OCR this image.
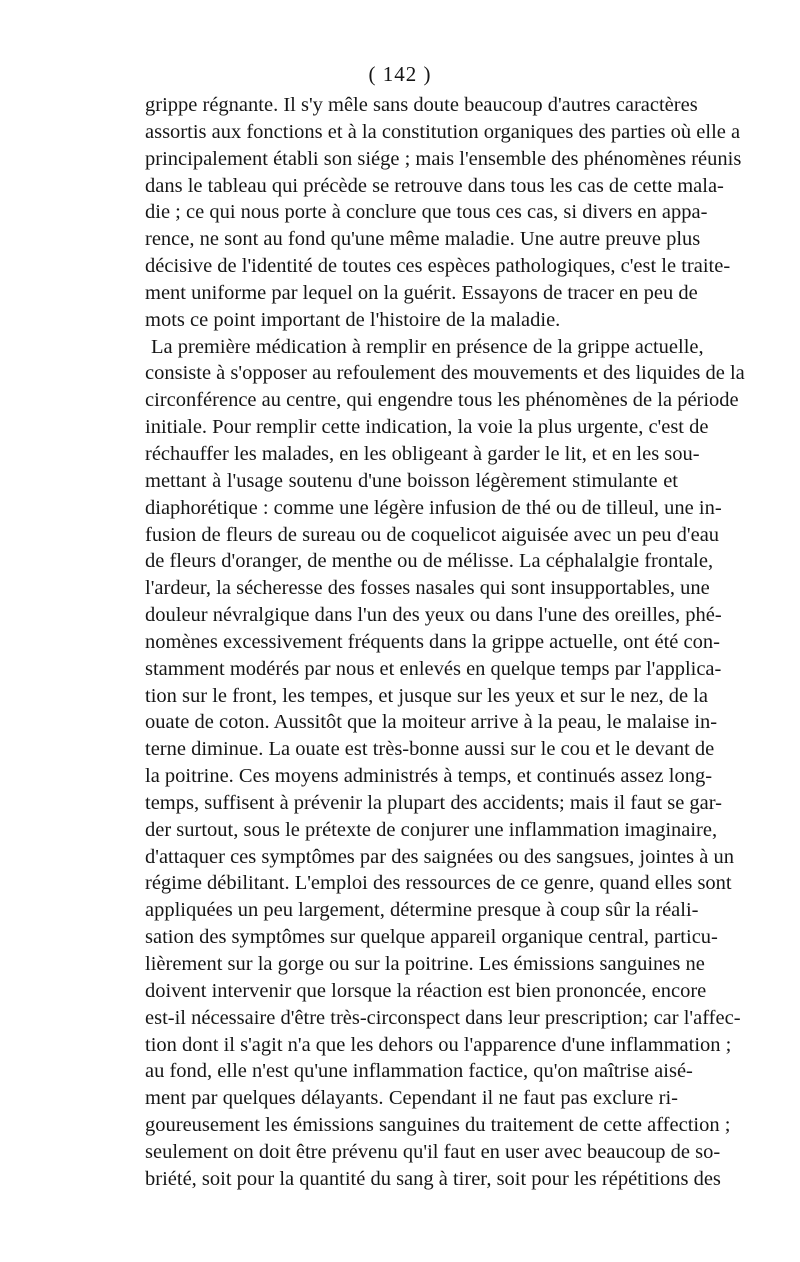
( 142 )
grippe régnante. Il s'y mêle sans doute beaucoup d'autres caractères
assortis aux fonctions et à la constitution organiques des parties où elle a
principalement établi son siége ; mais l'ensemble des phénomènes réunis
dans le tableau qui précède se retrouve dans tous les cas de cette mala-
die ; ce qui nous porte à conclure que tous ces cas, si divers en appa-
rence, ne sont au fond qu'une même maladie. Une autre preuve plus
décisive de l'identité de toutes ces espèces pathologiques, c'est le traite-
ment uniforme par lequel on la guérit. Essayons de tracer en peu de
mots ce point important de l'histoire de la maladie.
La première médication à remplir en présence de la grippe actuelle,
consiste à s'opposer au refoulement des mouvements et des liquides de la
circonférence au centre, qui engendre tous les phénomènes de la période
initiale. Pour remplir cette indication, la voie la plus urgente, c'est de
réchauffer les malades, en les obligeant à garder le lit, et en les sou-
mettant à l'usage soutenu d'une boisson légèrement stimulante et
diaphorétique : comme une légère infusion de thé ou de tilleul, une in-
fusion de fleurs de sureau ou de coquelicot aiguisée avec un peu d'eau
de fleurs d'oranger, de menthe ou de mélisse. La céphalalgie frontale,
l'ardeur, la sécheresse des fosses nasales qui sont insupportables, une
douleur névralgique dans l'un des yeux ou dans l'une des oreilles, phé-
nomènes excessivement fréquents dans la grippe actuelle, ont été con-
stamment modérés par nous et enlevés en quelque temps par l'applica-
tion sur le front, les tempes, et jusque sur les yeux et sur le nez, de la
ouate de coton. Aussitôt que la moiteur arrive à la peau, le malaise in-
terne diminue. La ouate est très-bonne aussi sur le cou et le devant de
la poitrine. Ces moyens administrés à temps, et continués assez long-
temps, suffisent à prévenir la plupart des accidents; mais il faut se gar-
der surtout, sous le prétexte de conjurer une inflammation imaginaire,
d'attaquer ces symptômes par des saignées ou des sangsues, jointes à un
régime débilitant. L'emploi des ressources de ce genre, quand elles sont
appliquées un peu largement, détermine presque à coup sûr la réali-
sation des symptômes sur quelque appareil organique central, particu-
lièrement sur la gorge ou sur la poitrine. Les émissions sanguines ne
doivent intervenir que lorsque la réaction est bien prononcée, encore
est-il nécessaire d'être très-circonspect dans leur prescription; car l'affec-
tion dont il s'agit n'a que les dehors ou l'apparence d'une inflammation ;
au fond, elle n'est qu'une inflammation factice, qu'on maîtrise aisé-
ment par quelques délayants. Cependant il ne faut pas exclure ri-
goureusement les émissions sanguines du traitement de cette affection ;
seulement on doit être prévenu qu'il faut en user avec beaucoup de so-
briété, soit pour la quantité du sang à tirer, soit pour les répétitions des
